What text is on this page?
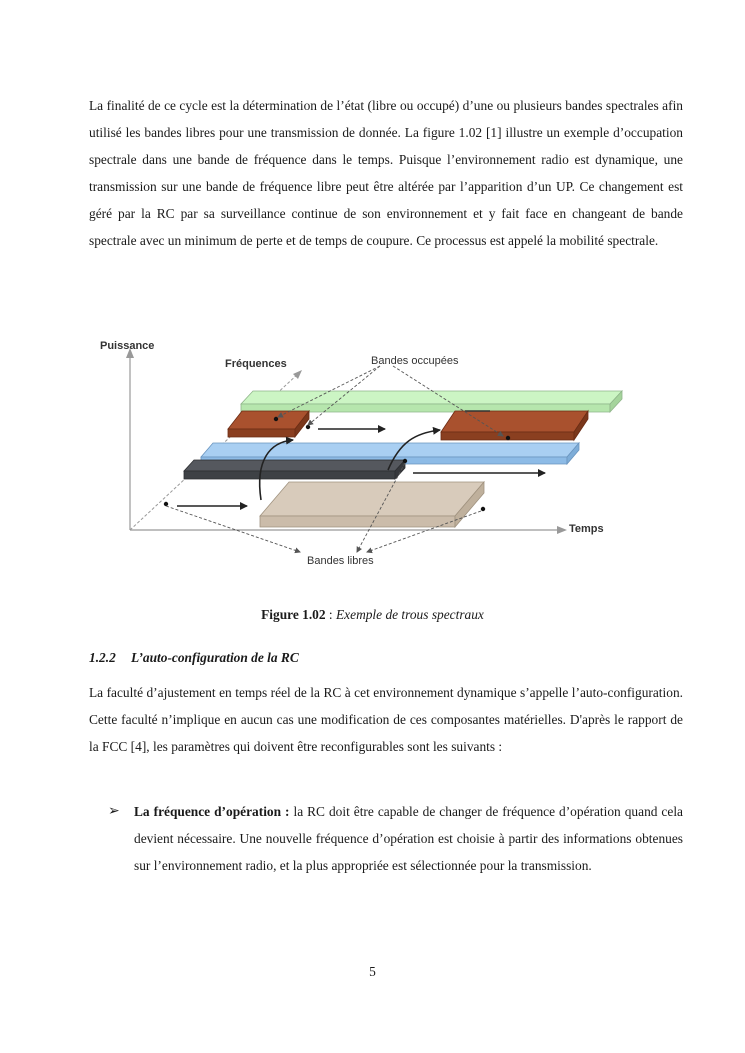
La finalité de ce cycle est la détermination de l’état (libre ou occupé) d’une ou plusieurs bandes spectrales afin utilisé les bandes libres pour une transmission de donnée. La figure 1.02 [1] illustre un exemple d’occupation spectrale dans une bande de fréquence dans le temps. Puisque l’environnement radio est dynamique, une transmission sur une bande de fréquence libre peut être altérée par l’apparition d’un UP. Ce changement est géré par la RC par sa surveillance continue de son environnement et y fait face en changeant de bande spectrale avec un minimum de perte et de temps de coupure. Ce processus est appelé la mobilité spectrale.

Puissance
Fréquences	Bandes occupées
Temps
Bandes libres
Figure 1.02 : Exemple de trous spectraux
1.2.2 L’auto-configuration de la RC

La faculté d’ajustement en temps réel de la RC à cet environnement dynamique s’appelle l’auto-configuration. Cette faculté n’implique en aucun cas une modification de ces composantes matérielles. D'après le rapport de la FCC [4], les paramètres qui doivent être reconfigurables sont les suivants :

➢ La fréquence d’opération : la RC doit être capable de changer de fréquence d’opération quand cela devient nécessaire. Une nouvelle fréquence d’opération est choisie à partir des informations obtenues sur l’environnement radio, et la plus appropriée est sélectionnée pour la transmission.
5
